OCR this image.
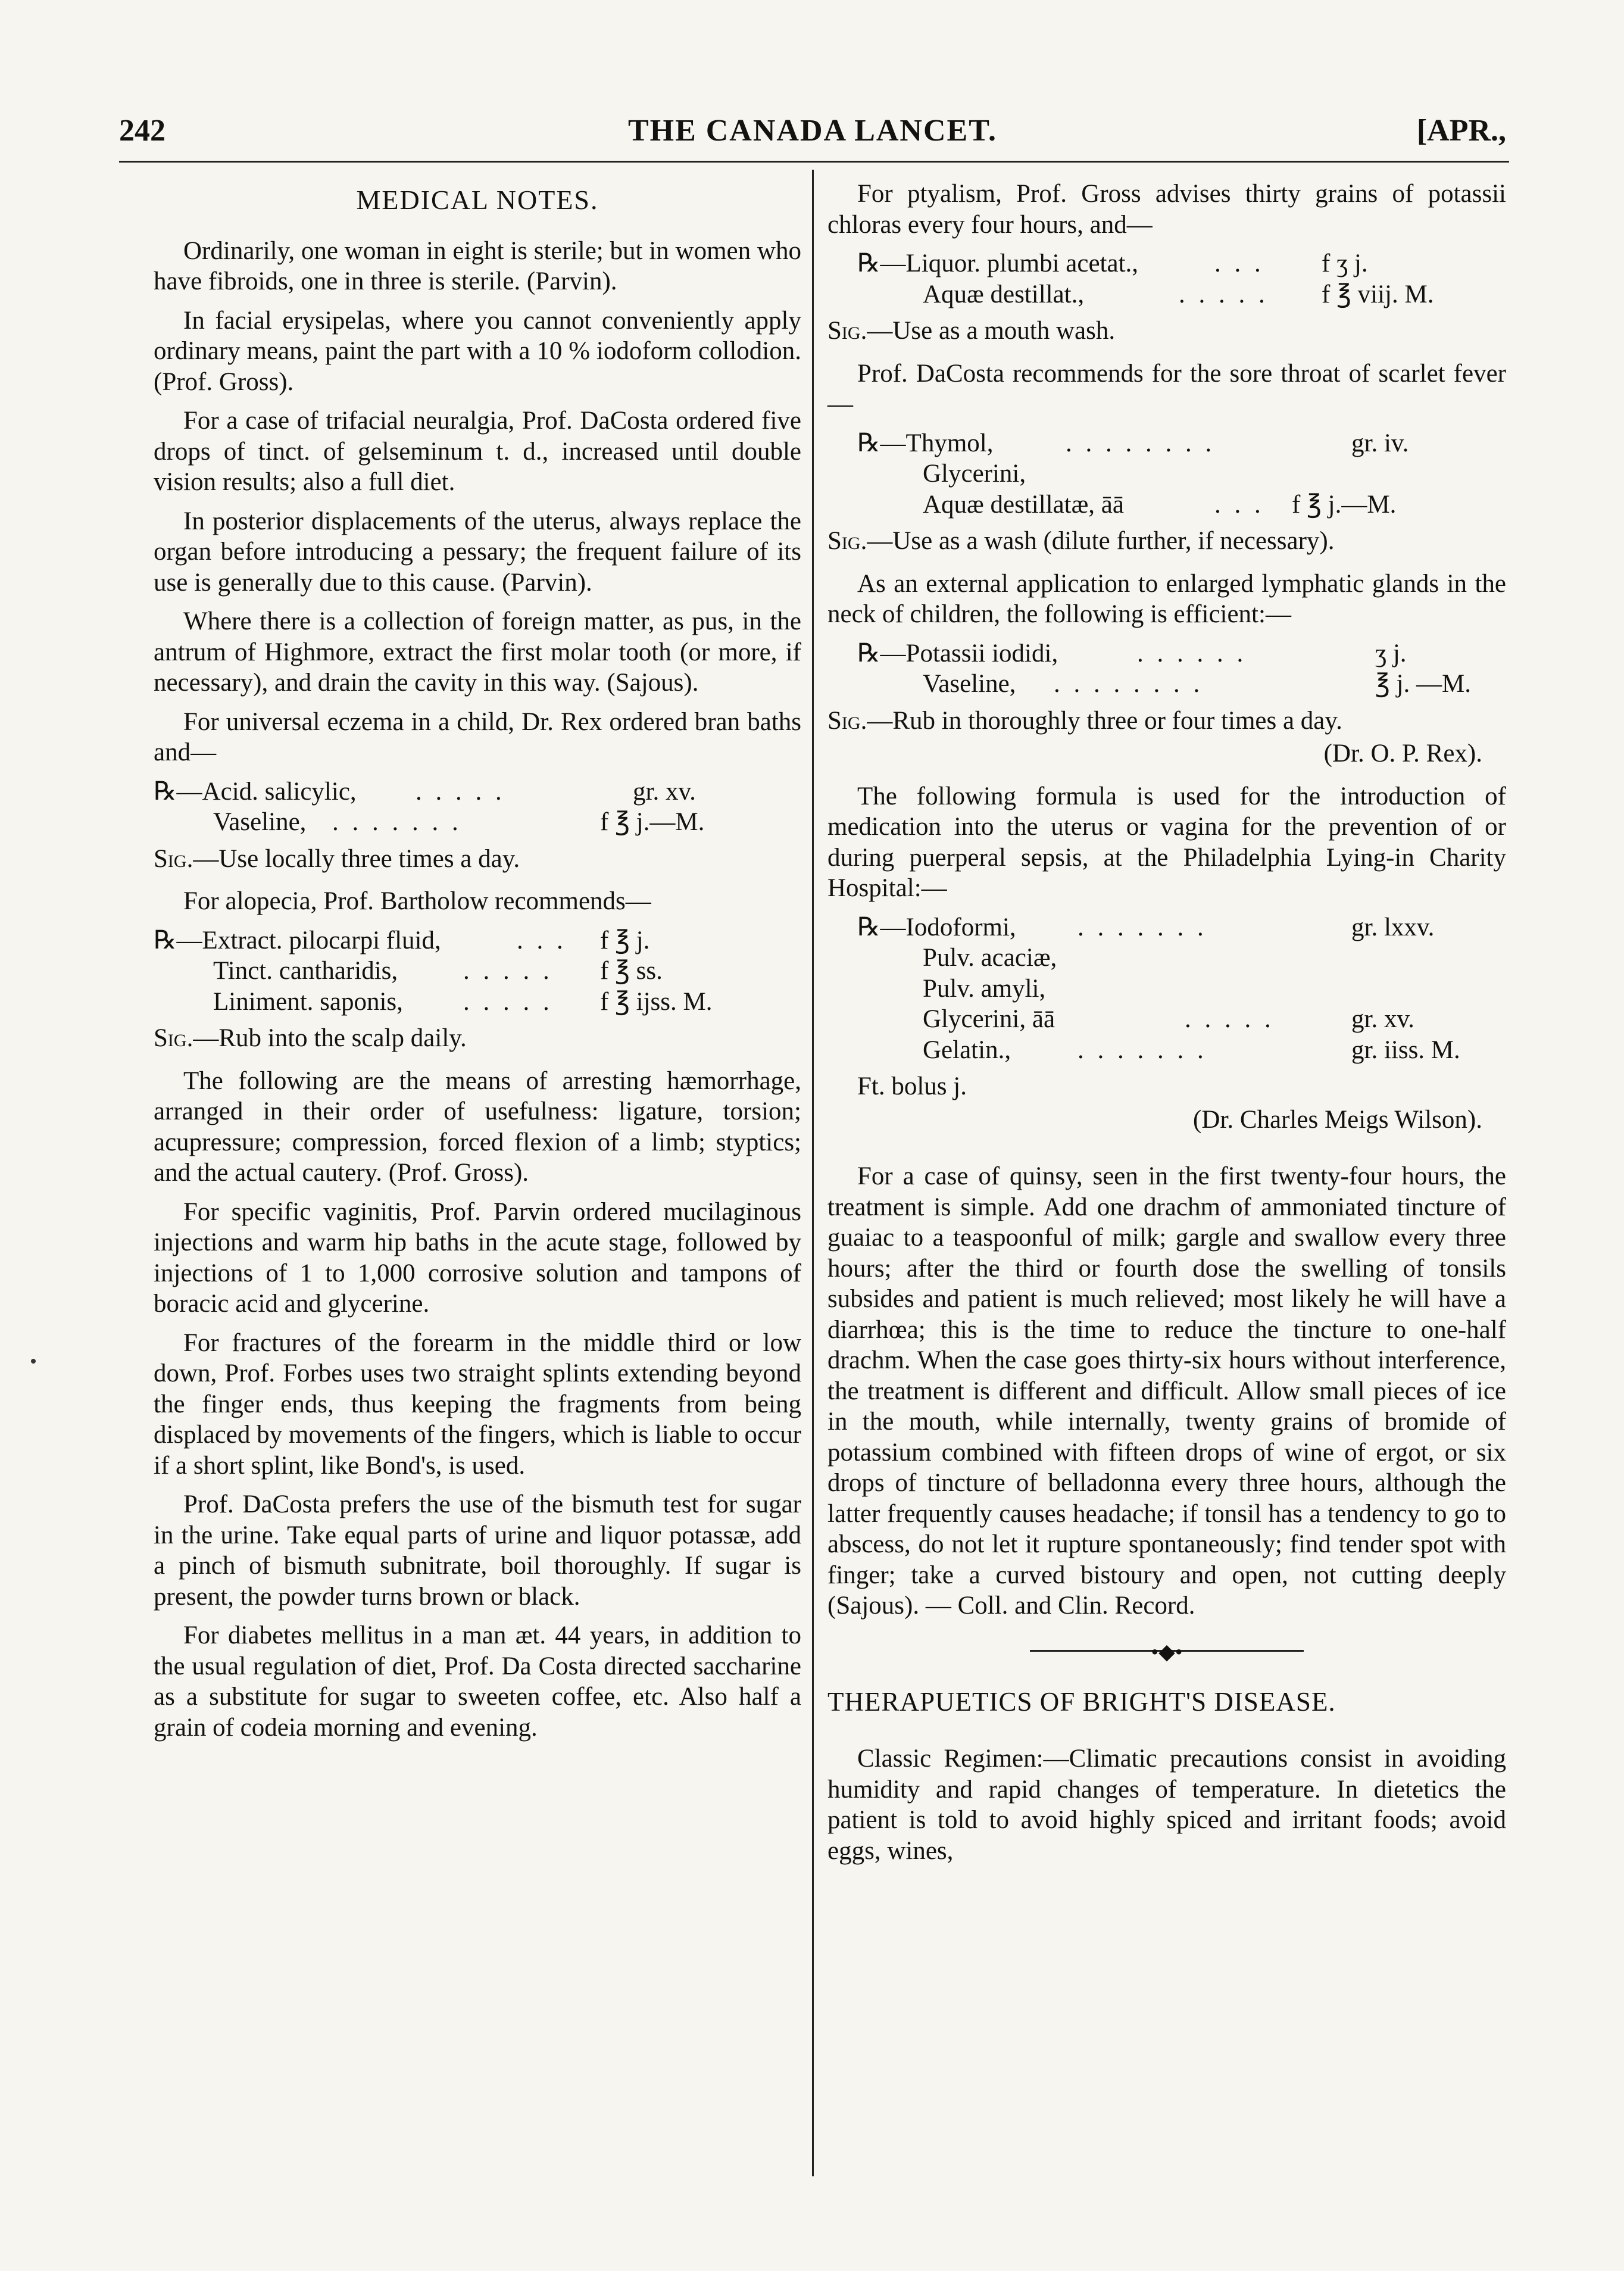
242	THE CANADA LANCET.	[APR.,
MEDICAL NOTES.

Ordinarily, one woman in eight is sterile; but in women who have fibroids, one in three is sterile. (Parvin).

In facial erysipelas, where you cannot conveniently apply ordinary means, paint the part with a 10 % iodoform collodion. (Prof. Gross).

For a case of trifacial neuralgia, Prof. DaCosta ordered five drops of tinct. of gelseminum t. d., increased until double vision results; also a full diet.

In posterior displacements of the uterus, always replace the organ before introducing a pessary; the frequent failure of its use is generally due to this cause. (Parvin).

Where there is a collection of foreign matter, as pus, in the antrum of Highmore, extract the first molar tooth (or more, if necessary), and drain the cavity in this way. (Sajous).

For universal eczema in a child, Dr. Rex ordered bran baths and—

℞—Acid. salicylic, . . . . .	gr. xv.
Vaseline, . . . . . . .	f ℥ j.—M.
Sig.—Use locally three times a day.

For alopecia, Prof. Bartholow recommends—

℞—Extract. pilocarpi fluid,	. . . f ℥ j.
Tinct. cantharidis,	. . . . . f ℥ ss.
Liniment. saponis, . . . . . f ℥ ijss. M.
Sig.—Rub into the scalp daily.

The following are the means of arresting hæmorrhage, arranged in their order of usefulness: ligature, torsion; acupressure; compression, forced flexion of a limb; styptics; and the actual cautery. (Prof. Gross).

For specific vaginitis, Prof. Parvin ordered mucilaginous injections and warm hip baths in the acute stage, followed by injections of 1 to 1,000 corrosive solution and tampons of boracic acid and glycerine.

For fractures of the forearm in the middle third or low down, Prof. Forbes uses two straight splints extending beyond the finger ends, thus keeping the fragments from being displaced by movements of the fingers, which is liable to occur if a short splint, like Bond's, is used.

Prof. DaCosta prefers the use of the bismuth test for sugar in the urine. Take equal parts of urine and liquor potassæ, add a pinch of bismuth subnitrate, boil thoroughly. If sugar is present, the powder turns brown or black.

For diabetes mellitus in a man æt. 44 years, in addition to the usual regulation of diet, Prof. Da Costa directed saccharine as a substitute for sugar to sweeten coffee, etc. Also half a grain of codeia morning and evening.

For ptyalism, Prof. Gross advises thirty grains of potassii chloras every four hours, and—

℞—Liquor. plumbi acetat.,	. . . f ʒ j.
Aquæ destillat.,	. . . . . f ℥ viij. M.
Sig.—Use as a mouth wash.

Prof. DaCosta recommends for the sore throat of scarlet fever—

℞—Thymol,	. . . . . . . .	gr. iv.
Glycerini,
Aquæ destillatæ, āā	. . . f ℥ j.—M.
Sig.—Use as a wash (dilute further, if necessary).

As an external application to enlarged lymphatic glands in the neck of children, the following is efficient:—

℞—Potassii iodidi,	. . . . . .	ʒ j.
Vaseline, . . . . . . . .	℥ j. —M.
Sig.—Rub in thoroughly three or four times a day.
(Dr. O. P. Rex).

The following formula is used for the introduction of medication into the uterus or vagina for the prevention of or during puerperal sepsis, at the Philadelphia Lying-in Charity Hospital:—

℞—Iodoformi, . . . . . . .	gr. lxxv.
Pulv. acaciæ,
Pulv. amyli,
Glycerini, āā	. . . . .	gr. xv.
Gelatin.,	. . . . . . .	gr. iiss. M.
Ft. bolus j.
(Dr. Charles Meigs Wilson).

For a case of quinsy, seen in the first twenty-four hours, the treatment is simple. Add one drachm of ammoniated tincture of guaiac to a teaspoonful of milk; gargle and swallow every three hours; after the third or fourth dose the swelling of tonsils subsides and patient is much relieved; most likely he will have a diarrhœa; this is the time to reduce the tincture to one-half drachm. When the case goes thirty-six hours without interference, the treatment is different and difficult. Allow small pieces of ice in the mouth, while internally, twenty grains of bromide of potassium combined with fifteen drops of wine of ergot, or six drops of tincture of belladonna every three hours, although the latter frequently causes headache; if tonsil has a tendency to go to abscess, do not let it rupture spontaneously; find tender spot with finger; take a curved bistoury and open, not cutting deeply (Sajous). — Coll. and Clin. Record.

•◆•
THERAPUETICS OF BRIGHT'S DISEASE.

Classic Regimen:—Climatic precautions consist in avoiding humidity and rapid changes of temperature. In dietetics the patient is told to avoid highly spiced and irritant foods; avoid eggs, wines,
